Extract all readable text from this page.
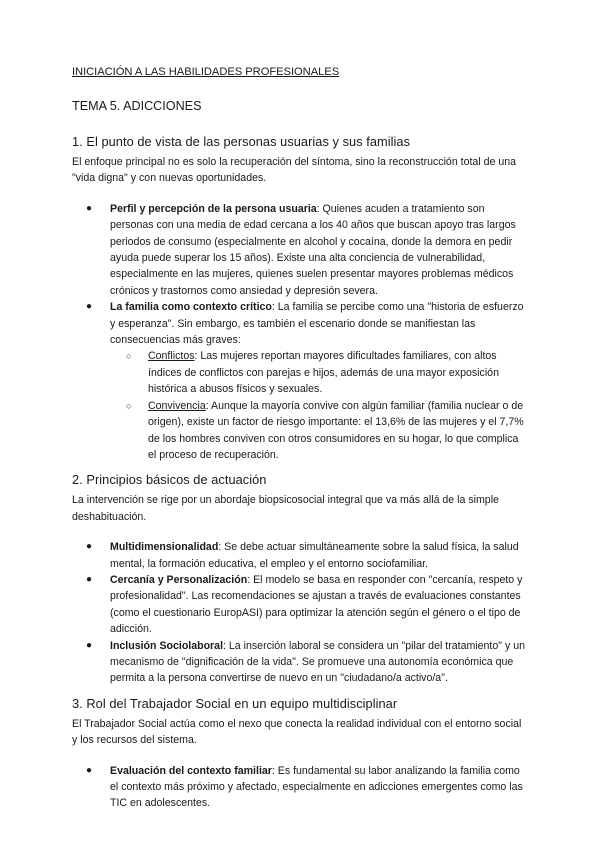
INICIACIÓN A LAS HABILIDADES PROFESIONALES
TEMA 5. ADICCIONES
1. El punto de vista de las personas usuarias y sus familias

El enfoque principal no es solo la recuperación del síntoma, sino la reconstrucción total de una "vida digna" y con nuevas oportunidades.

● Perfil y percepción de la persona usuaria: Quienes acuden a tratamiento son personas con una media de edad cercana a los 40 años que buscan apoyo tras largos periodos de consumo (especialmente en alcohol y cocaína, donde la demora en pedir ayuda puede superar los 15 años). Existe una alta conciencia de vulnerabilidad, especialmente en las mujeres, quienes suelen presentar mayores problemas médicos crónicos y trastornos como ansiedad y depresión severa.
● La familia como contexto crítico: La familia se percibe como una "historia de esfuerzo y esperanza". Sin embargo, es también el escenario donde se manifiestan las consecuencias más graves:
○ Conflictos: Las mujeres reportan mayores dificultades familiares, con altos índices de conflictos con parejas e hijos, además de una mayor exposición histórica a abusos físicos y sexuales.
○ Convivencia: Aunque la mayoría convive con algún familiar (familia nuclear o de origen), existe un factor de riesgo importante: el 13,6% de las mujeres y el 7,7% de los hombres conviven con otros consumidores en su hogar, lo que complica el proceso de recuperación.
2. Principios básicos de actuación

La intervención se rige por un abordaje biopsicosocial integral que va más allá de la simple deshabituación.

● Multidimensionalidad: Se debe actuar simultáneamente sobre la salud física, la salud mental, la formación educativa, el empleo y el entorno sociofamiliar.
● Cercanía y Personalización: El modelo se basa en responder con "cercanía, respeto y profesionalidad". Las recomendaciones se ajustan a través de evaluaciones constantes (como el cuestionario EuropASI) para optimizar la atención según el género o el tipo de adicción.
● Inclusión Sociolaboral: La inserción laboral se considera un "pilar del tratamiento" y un mecanismo de "dignificación de la vida". Se promueve una autonomía económica que permita a la persona convertirse de nuevo en un "ciudadano/a activo/a".
3. Rol del Trabajador Social en un equipo multidisciplinar

El Trabajador Social actúa como el nexo que conecta la realidad individual con el entorno social y los recursos del sistema.

● Evaluación del contexto familiar: Es fundamental su labor analizando la familia como el contexto más próximo y afectado, especialmente en adicciones emergentes como las TIC en adolescentes.
